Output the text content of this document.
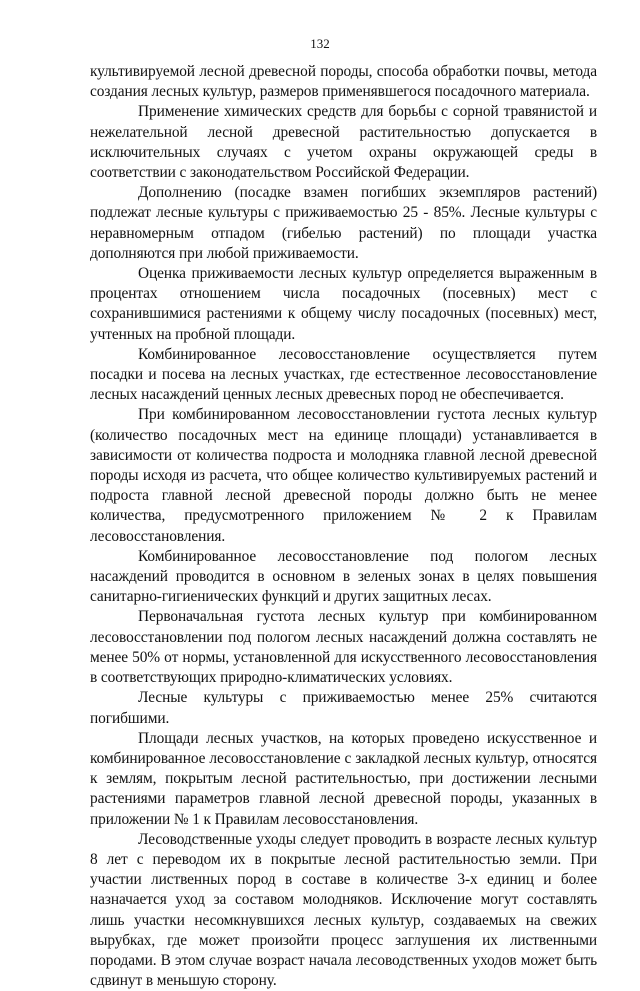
132

культивируемой лесной древесной породы, способа обработки почвы, метода создания лесных культур, размеров применявшегося посадочного материала.

Применение химических средств для борьбы с сорной травянистой и нежелательной лесной древесной растительностью допускается в исключительных случаях с учетом охраны окружающей среды в соответствии с законодательством Российской Федерации.

Дополнению (посадке взамен погибших экземпляров растений) подлежат лесные культуры с приживаемостью 25 - 85%. Лесные культуры с неравномерным отпадом (гибелью растений) по площади участка дополняются при любой приживаемости.

Оценка приживаемости лесных культур определяется выраженным в процентах отношением числа посадочных (посевных) мест с сохранившимися растениями к общему числу посадочных (посевных) мест, учтенных на пробной площади.

Комбинированное лесовосстановление осуществляется путем посадки и посева на лесных участках, где естественное лесовосстановление лесных насаждений ценных лесных древесных пород не обеспечивается.

При комбинированном лесовосстановлении густота лесных культур (количество посадочных мест на единице площади) устанавливается в зависимости от количества подроста и молодняка главной лесной древесной породы исходя из расчета, что общее количество культивируемых растений и подроста главной лесной древесной породы должно быть не менее количества, предусмотренного приложением № 2 к Правилам лесовосстановления.

Комбинированное лесовосстановление под пологом лесных насаждений проводится в основном в зеленых зонах в целях повышения санитарно-гигиенических функций и других защитных лесах.

Первоначальная густота лесных культур при комбинированном лесовосстановлении под пологом лесных насаждений должна составлять не менее 50% от нормы, установленной для искусственного лесовосстановления в соответствующих природно-климатических условиях.

Лесные культуры с приживаемостью менее 25% считаются погибшими.

Площади лесных участков, на которых проведено искусственное и комбинированное лесовосстановление с закладкой лесных культур, относятся к землям, покрытым лесной растительностью, при достижении лесными растениями параметров главной лесной древесной породы, указанных в приложении № 1 к Правилам лесовосстановления.

Лесоводственные уходы следует проводить в возрасте лесных культур 8 лет с переводом их в покрытые лесной растительностью земли. При участии лиственных пород в составе в количестве 3-х единиц и более назначается уход за составом молодняков. Исключение могут составлять лишь участки несомкнувшихся лесных культур, создаваемых на свежих вырубках, где может произойти процесс заглушения их лиственными породами. В этом случае возраст начала лесоводственных уходов может быть сдвинут в меньшую сторону.
